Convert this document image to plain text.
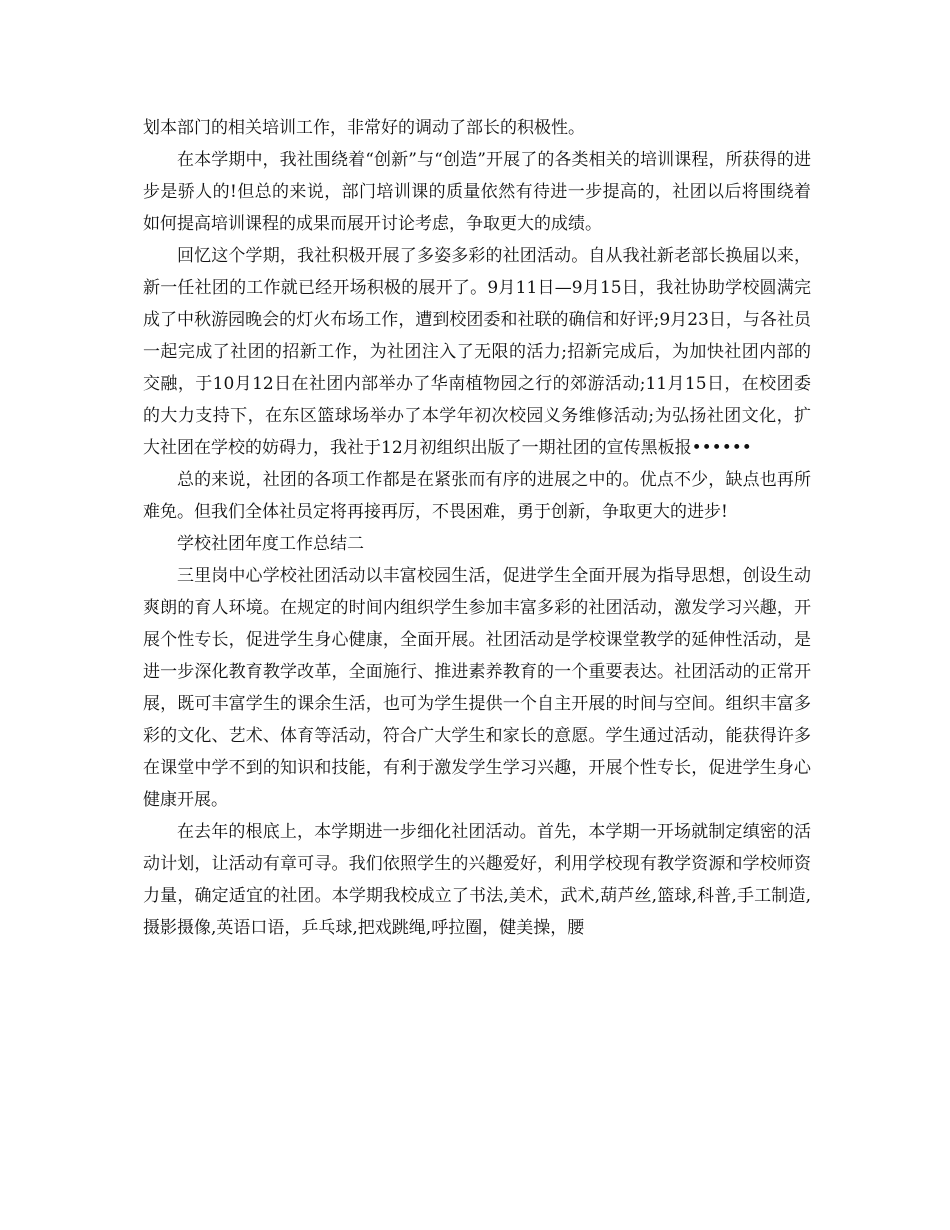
划本部门的相关培训工作，非常好的调动了部长的积极性。

在本学期中，我社围绕着“创新”与“创造”开展了的各类相关的培训课程，所获得的进步是骄人的!但总的来说，部门培训课的质量依然有待进一步提高的，社团以后将围绕着如何提高培训课程的成果而展开讨论考虑，争取更大的成绩。

回忆这个学期，我社积极开展了多姿多彩的社团活动。自从我社新老部长换届以来，新一任社团的工作就已经开场积极的展开了。9月11日—9月15日，我社协助学校圆满完成了中秋游园晚会的灯火布场工作，遭到校团委和社联的确信和好评;9月23日，与各社员一起完成了社团的招新工作，为社团注入了无限的活力;招新完成后，为加快社团内部的交融，于10月12日在社团内部举办了华南植物园之行的郊游活动;11月15日，在校团委的大力支持下，在东区篮球场举办了本学年初次校园义务维修活动;为弘扬社团文化，扩大社团在学校的妨碍力，我社于12月初组织出版了一期社团的宣传黑板报••••••

总的来说，社团的各项工作都是在紧张而有序的进展之中的。优点不少，缺点也再所难免。但我们全体社员定将再接再厉，不畏困难，勇于创新，争取更大的进步!

学校社团年度工作总结二

三里岗中心学校社团活动以丰富校园生活，促进学生全面开展为指导思想，创设生动爽朗的育人环境。在规定的时间内组织学生参加丰富多彩的社团活动，激发学习兴趣，开展个性专长，促进学生身心健康，全面开展。社团活动是学校课堂教学的延伸性活动，是进一步深化教育教学改革，全面施行、推进素养教育的一个重要表达。社团活动的正常开展，既可丰富学生的课余生活，也可为学生提供一个自主开展的时间与空间。组织丰富多彩的文化、艺术、体育等活动，符合广大学生和家长的意愿。学生通过活动，能获得许多在课堂中学不到的知识和技能，有利于激发学生学习兴趣，开展个性专长，促进学生身心健康开展。

在去年的根底上，本学期进一步细化社团活动。首先，本学期一开场就制定缜密的活动计划，让活动有章可寻。我们依照学生的兴趣爱好，利用学校现有教学资源和学校师资力量，确定适宜的社团。本学期我校成立了书法,美术，武术,葫芦丝,篮球,科普,手工制造,摄影摄像,英语口语，乒乓球,把戏跳绳,呼拉圈，健美操，腰
